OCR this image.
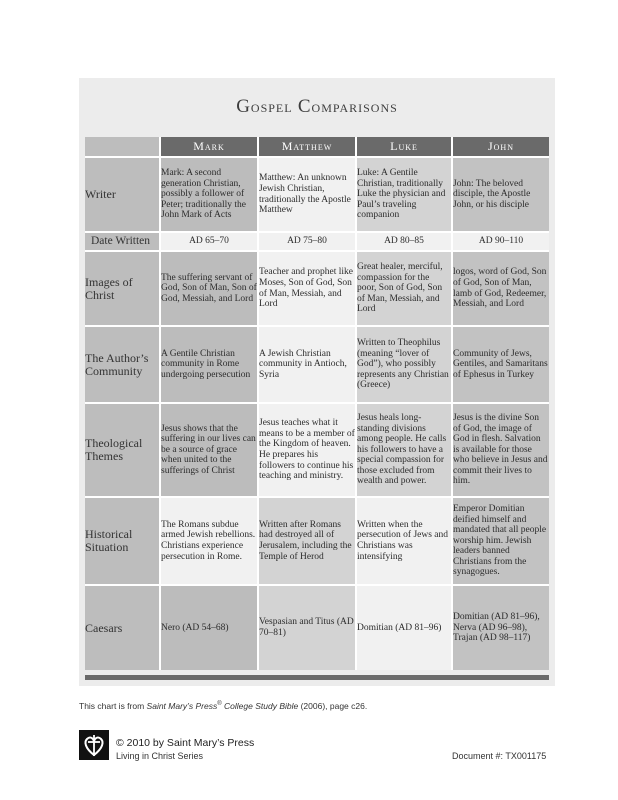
Gospel Comparisons
		Mark		Matthew		Luke		John

Writer		Mark: A second generation Christian, possibly a follower of Peter; traditionally the John Mark of Acts		Matthew: An unknown Jewish Christian, traditionally the Apostle Matthew		Luke: A Gentile Christian, traditionally Luke the physician and Paul’s traveling companion		John: The beloved disciple, the Apostle John, or his disciple

Date Written		AD 65–70		AD 75–80		AD 80–85		AD 90–110

Images of Christ		The suffering servant of God, Son of Man, Son of God, Messiah, and Lord		Teacher and prophet like Moses, Son of God, Son of Man, Messiah, and Lord		Great healer, merciful, compassion for the poor, Son of God, Son of Man, Messiah, and Lord		logos, word of God, Son of God, Son of Man, lamb of God, Redeemer, Messiah, and Lord

The Author’s Community		A Gentile Christian community in Rome undergoing persecution		A Jewish Christian community in Antioch, Syria		Written to Theophilus (meaning “lover of God”), who possibly represents any Christian (Greece)		Community of Jews, Gentiles, and Samaritans of Ephesus in Turkey

Theological Themes		Jesus shows that the suffering in our lives can be a source of grace when united to the sufferings of Christ		Jesus teaches what it means to be a member of the Kingdom of heaven. He prepares his followers to continue his teaching and ministry.		Jesus heals long-standing divisions among people. He calls his followers to have a special compassion for those excluded from wealth and power.		Jesus is the divine Son of God, the image of God in flesh. Salvation is available for those who believe in Jesus and commit their lives to him.

Historical Situation		The Romans subdue armed Jewish rebellions. Christians experience persecution in Rome.		Written after Romans had destroyed all of Jerusalem, including the Temple of Herod		Written when the persecution of Jews and Christians was intensifying		Emperor Domitian deified himself and mandated that all people worship him. Jewish leaders banned Christians from the synagogues.

Caesars		Nero (AD 54–68)		Vespasian and Titus (AD 70–81)		Domitian (AD 81–96)		Domitian (AD 81–96), Nerva (AD 96–98), Trajan (AD 98–117)
This chart is from Saint Mary’s Press® College Study Bible (2006), page c26.
© 2010 by Saint Mary’s Press
Living in Christ Series	Document #: TX001175
